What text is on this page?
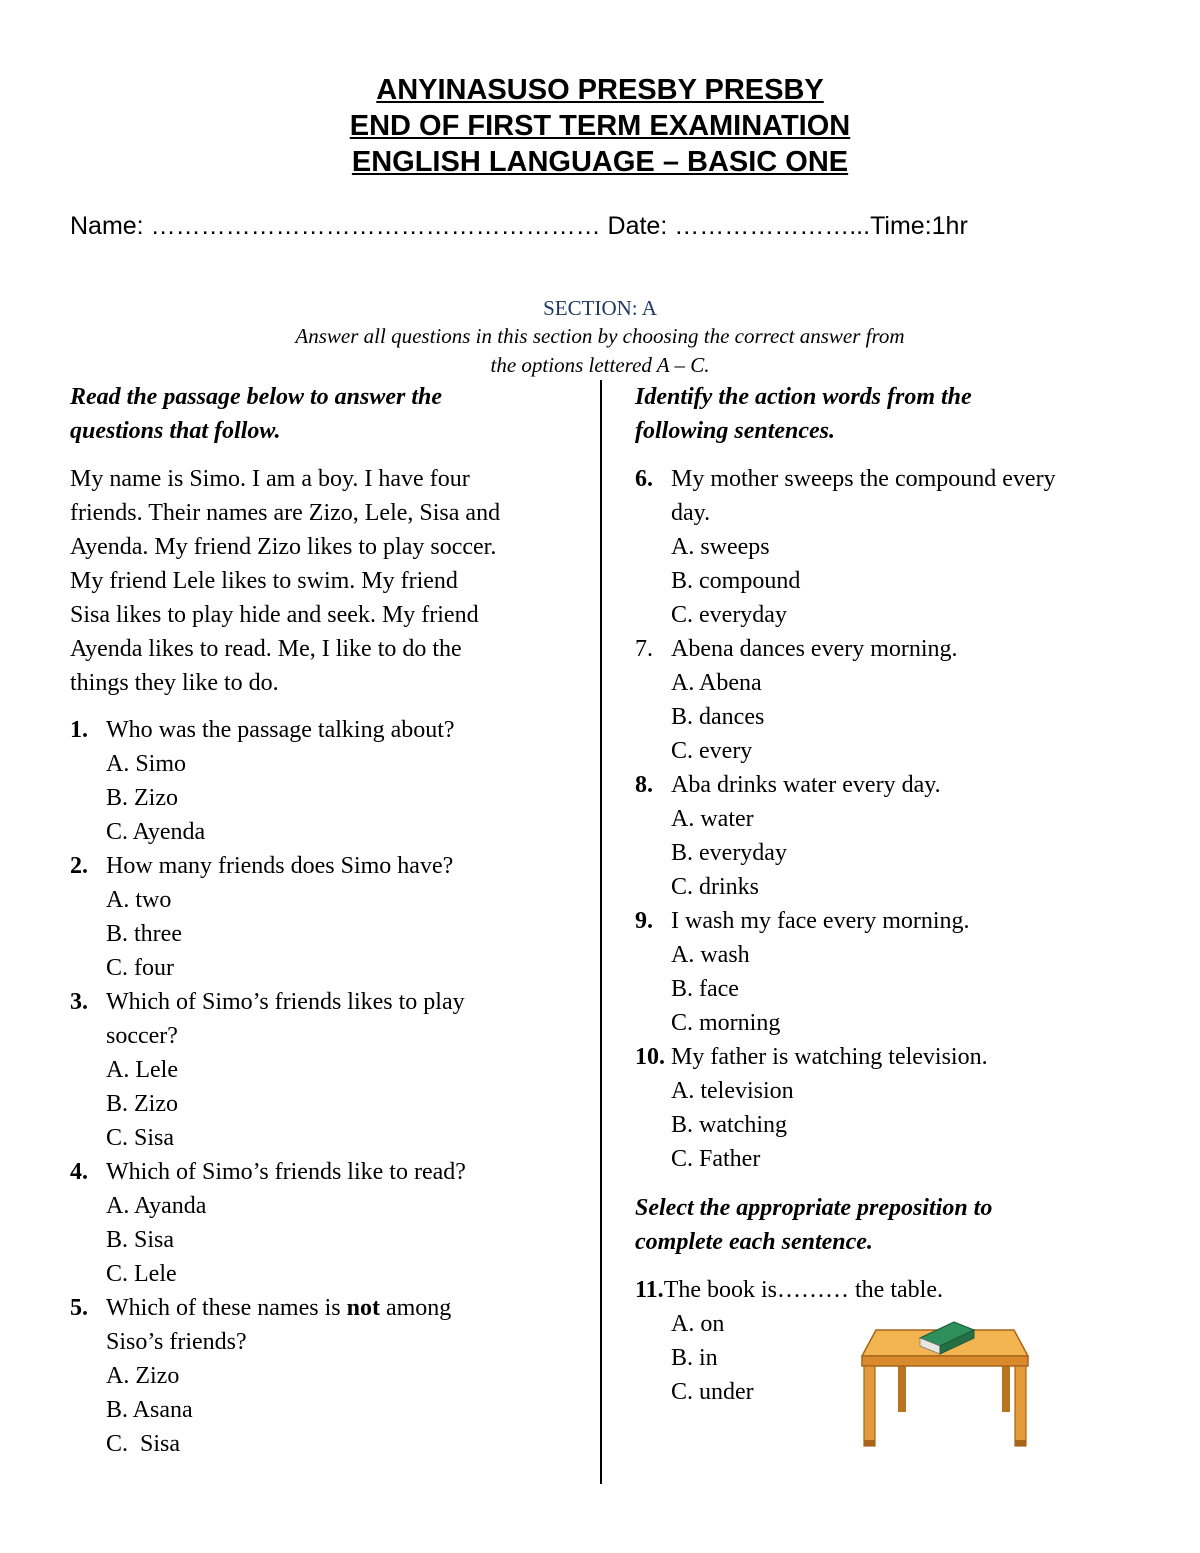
ANYINASUSO PRESBY PRESBY

END OF FIRST TERM EXAMINATION

ENGLISH LANGUAGE – BASIC ONE

Name: ……………………………………………… Date: …………………...Time:1hr
SECTION: A
Answer all questions in this section by choosing the correct answer from
the options lettered A – C.
Read the passage below to answer the
questions that follow.
My name is Simo. I am a boy. I have four
friends. Their names are Zizo, Lele, Sisa and
Ayenda. My friend Zizo likes to play soccer.
My friend Lele likes to swim. My friend
Sisa likes to play hide and seek. My friend
Ayenda likes to read. Me, I like to do the
things they like to do.
1. Who was the passage talking about?
A. Simo
B. Zizo
C. Ayenda
2. How many friends does Simo have?
A. two
B. three
C. four
3. Which of Simo’s friends likes to play
soccer?
A. Lele
B. Zizo
C. Sisa
4. Which of Simo’s friends like to read?
A. Ayanda
B. Sisa
C. Lele
5. Which of these names is not among
Siso’s friends?
A. Zizo
B. Asana
C.  Sisa
Identify the action words from the
following sentences.
6. My mother sweeps the compound every
day.
A. sweeps
B. compound
C. everyday
7. Abena dances every morning.
A. Abena
B. dances
C. every
8. Aba drinks water every day.
A. water
B. everyday
C. drinks
9. I wash my face every morning.
A. wash
B. face
C. morning
10. My father is watching television.
A. television
B. watching
C. Father
Select the appropriate preposition to
complete each sentence.
11.The book is……… the table.
A. on
B. in
C. under
